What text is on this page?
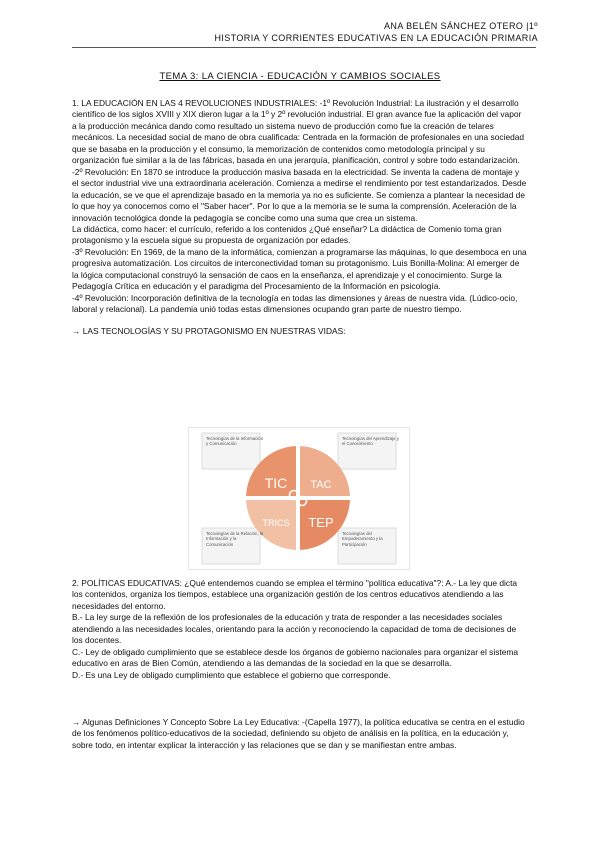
ANA BELÉN SÁNCHEZ OTERO |1º
HISTORIA Y CORRIENTES EDUCATIVAS EN LA EDUCACIÓN PRIMARIA
TEMA 3: LA CIENCIA - EDUCACIÓN Y CAMBIOS SOCIALES

1. LA EDUCACIÓN EN LAS 4 REVOLUCIONES INDUSTRIALES: -1º Revolución Industrial: La ilustración y el desarrollo científico de los siglos XVIII y XIX dieron lugar a la 1º y 2º revolución industrial. El gran avance fue la aplicación del vapor a la producción mecánica dando como resultado un sistema nuevo de producción como fue la creación de telares mecánicos. La necesidad social de mano de obra cualificada: Centrada en la formación de profesionales en una sociedad que se basaba en la producción y el consumo, la memorización de contenidos como metodología principal y su organización fue similar a la de las fábricas, basada en una jerarquía, planificación, control y sobre todo estandarización.

-2º Revolución: En 1870 se introduce la producción masiva basada en la electricidad. Se inventa la cadena de montaje y el sector industrial vive una extraordinaria aceleración. Comienza a medirse el rendimiento por test estandarizados. Desde la educación, se ve que el aprendizaje basado en la memoria ya no es suficiente. Se comienza a plantear la necesidad de lo que hoy ya conocemos como el "Saber hacer". Por lo que a la memoria se le suma la comprensión. Aceleración de la innovación tecnológica donde la pedagogía se concibe como una suma que crea un sistema.

La didáctica, como hacer: el currículo, referido a los contenidos ¿Qué enseñar? La didáctica de Comenio toma gran protagonismo y la escuela sigue su propuesta de organización por edades.

-3º Revolución: En 1969, de la mano de la informática, comienzan a programarse las máquinas, lo que desemboca en una progresiva automatización. Los circuitos de interconectividad toman su protagonismo. Luis Bonilla-Molina: Al emerger de la lógica computacional construyó la sensación de caos en la enseñanza, el aprendizaje y el conocimiento. Surge la Pedagogía Crítica en educación y el paradigma del Procesamiento de la Información en psicología.

-4º Revolución: Incorporación definitiva de la tecnología en todas las dimensiones y áreas de nuestra vida. (Lúdico-ocio, laboral y relacional). La pandemia unió todas estas dimensiones ocupando gran parte de nuestro tiempo.

→ LAS TECNOLOGÍAS Y SU PROTAGONISMO EN NUESTRAS VIDAS:

TIC TAC
TRICS TEP
Tecnologías de la Información y Comunicación
Tecnologías del Aprendizaje y el Conocimiento
Tecnologías de la Relación, la Información y la Comunicación
Tecnologías del Empoderamiento y la Participación

2. POLÍTICAS EDUCATIVAS: ¿Qué entendemos cuando se emplea el término "política educativa"?: A.- La ley que dicta los contenidos, organiza los tiempos, establece una organización gestión de los centros educativos atendiendo a las necesidades del entorno.

B.- La ley surge de la reflexión de los profesionales de la educación y trata de responder a las necesidades sociales atendiendo a las necesidades locales, orientando para la acción y reconociendo la capacidad de toma de decisiones de los docentes.

C.- Ley de obligado cumplimiento que se establece desde los órganos de gobierno nacionales para organizar el sistema educativo en aras de Bien Común, atendiendo a las demandas de la sociedad en la que se desarrolla.

D.- Es una Ley de obligado cumplimiento que establece el gobierno que corresponde.

→ Algunas Definiciones Y Concepto Sobre La Ley Educativa: -(Capella 1977), la política educativa se centra en el estudio de los fenómenos político-educativos de la sociedad, definiendo su objeto de análisis en la política, en la educación y, sobre todo, en intentar explicar la interacción y las relaciones que se dan y se manifiestan entre ambas.
